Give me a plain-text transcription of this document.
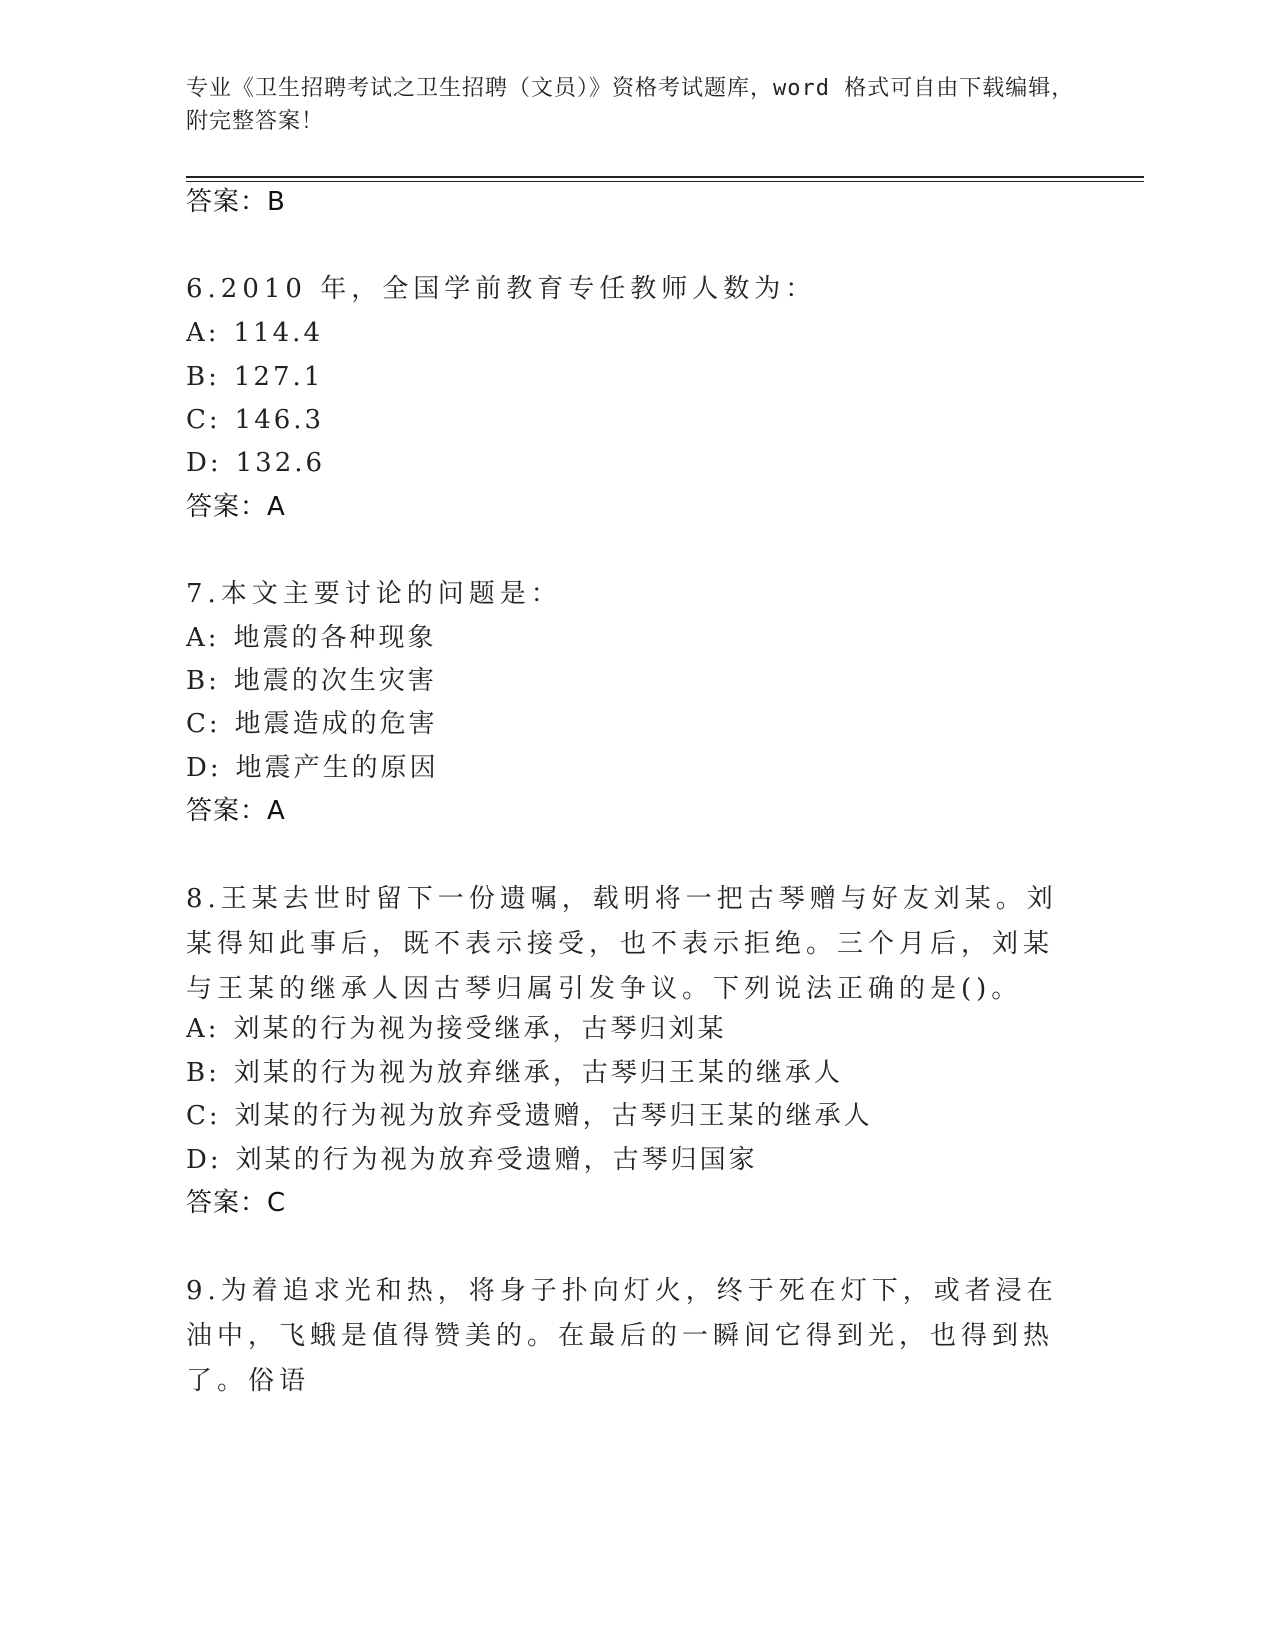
专业《卫生招聘考试之卫生招聘（文员）》资格考试题库，word 格式可自由下载编辑，附完整答案！
答案：B
6.2010 年，全国学前教育专任教师人数为：
A: 114.4
B: 127.1
C: 146.3
D: 132.6
答案：A
7.本文主要讨论的问题是：
A: 地震的各种现象
B: 地震的次生灾害
C: 地震造成的危害
D: 地震产生的原因
答案：A
8.王某去世时留下一份遗嘱，载明将一把古琴赠与好友刘某。刘某得知此事后，既不表示接受，也不表示拒绝。三个月后，刘某与王某的继承人因古琴归属引发争议。下列说法正确的是()。
A: 刘某的行为视为接受继承，古琴归刘某
B: 刘某的行为视为放弃继承，古琴归王某的继承人
C: 刘某的行为视为放弃受遗赠，古琴归王某的继承人
D: 刘某的行为视为放弃受遗赠，古琴归国家
答案：C
9.为着追求光和热，将身子扑向灯火，终于死在灯下，或者浸在油中，飞蛾是值得赞美的。在最后的一瞬间它得到光，也得到热了。俗语
